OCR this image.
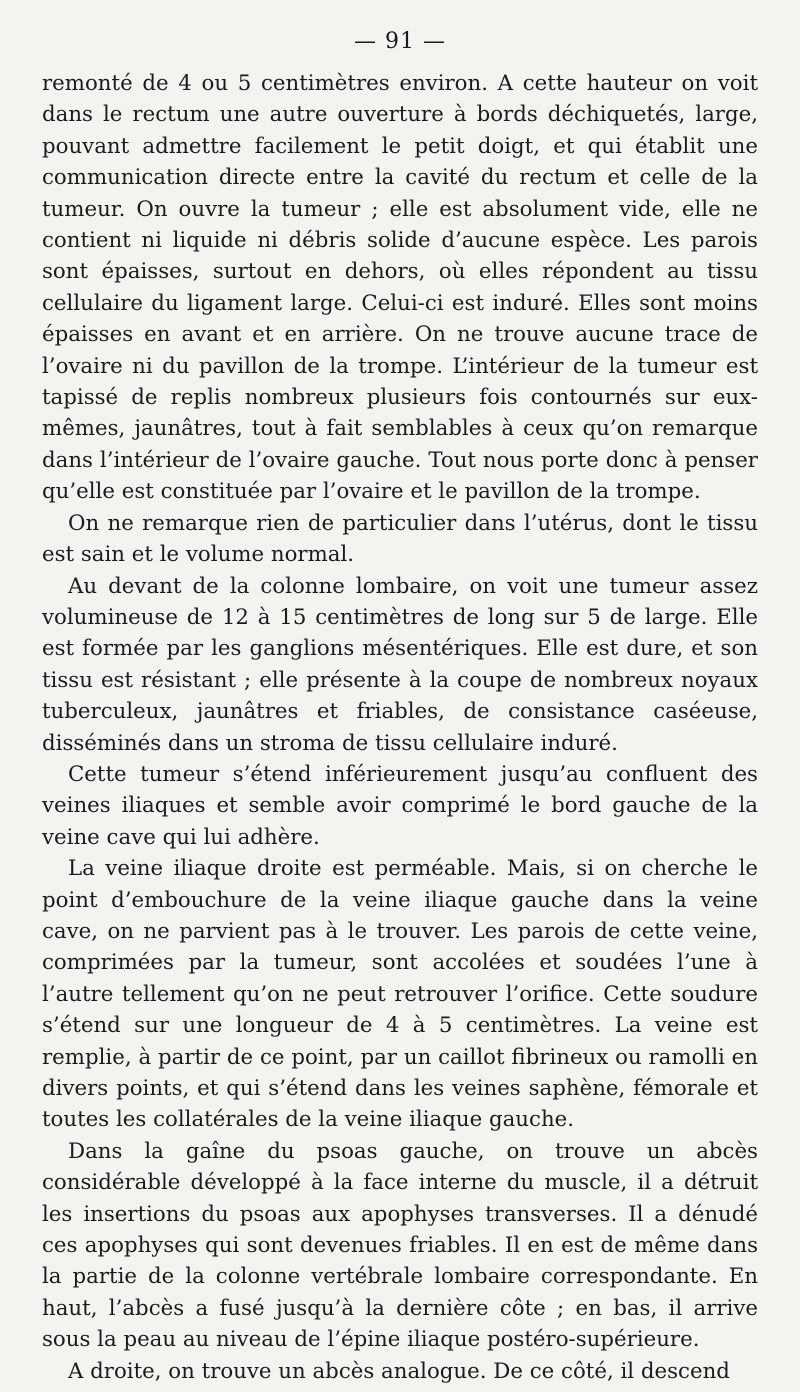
— 91 —

remonté de 4 ou 5 centimètres environ. A cette hauteur on voit dans le rectum une autre ouverture à bords déchiquetés, large, pouvant admettre facilement le petit doigt, et qui établit une communication directe entre la cavité du rectum et celle de la tumeur. On ouvre la tumeur ; elle est absolument vide, elle ne contient ni liquide ni débris solide d’aucune espèce. Les parois sont épaisses, surtout en dehors, où elles répondent au tissu cellulaire du ligament large. Celui-ci est induré. Elles sont moins épaisses en avant et en arrière. On ne trouve aucune trace de l’ovaire ni du pavillon de la trompe. L’intérieur de la tumeur est tapissé de replis nombreux plusieurs fois contournés sur eux-mêmes, jaunâtres, tout à fait semblables à ceux qu’on remarque dans l’intérieur de l’ovaire gauche. Tout nous porte donc à penser qu’elle est constituée par l’ovaire et le pavillon de la trompe.

On ne remarque rien de particulier dans l’utérus, dont le tissu est sain et le volume normal.

Au devant de la colonne lombaire, on voit une tumeur assez volumineuse de 12 à 15 centimètres de long sur 5 de large. Elle est formée par les ganglions mésentériques. Elle est dure, et son tissu est résistant ; elle présente à la coupe de nombreux noyaux tuberculeux, jaunâtres et friables, de consistance caséeuse, disséminés dans un stroma de tissu cellulaire induré.

Cette tumeur s’étend inférieurement jusqu’au confluent des veines iliaques et semble avoir comprimé le bord gauche de la veine cave qui lui adhère.

La veine iliaque droite est perméable. Mais, si on cherche le point d’embouchure de la veine iliaque gauche dans la veine cave, on ne parvient pas à le trouver. Les parois de cette veine, comprimées par la tumeur, sont accolées et soudées l’une à l’autre tellement qu’on ne peut retrouver l’orifice. Cette soudure s’étend sur une longueur de 4 à 5 centimètres. La veine est remplie, à partir de ce point, par un caillot fibrineux ou ramolli en divers points, et qui s’étend dans les veines saphène, fémorale et toutes les collatérales de la veine iliaque gauche.

Dans la gaîne du psoas gauche, on trouve un abcès considérable développé à la face interne du muscle, il a détruit les insertions du psoas aux apophyses transverses. Il a dénudé ces apophyses qui sont devenues friables. Il en est de même dans la partie de la colonne vertébrale lombaire correspondante. En haut, l’abcès a fusé jusqu’à la dernière côte ; en bas, il arrive sous la peau au niveau de l’épine iliaque postéro-supérieure.

A droite, on trouve un abcès analogue. De ce côté, il descend
